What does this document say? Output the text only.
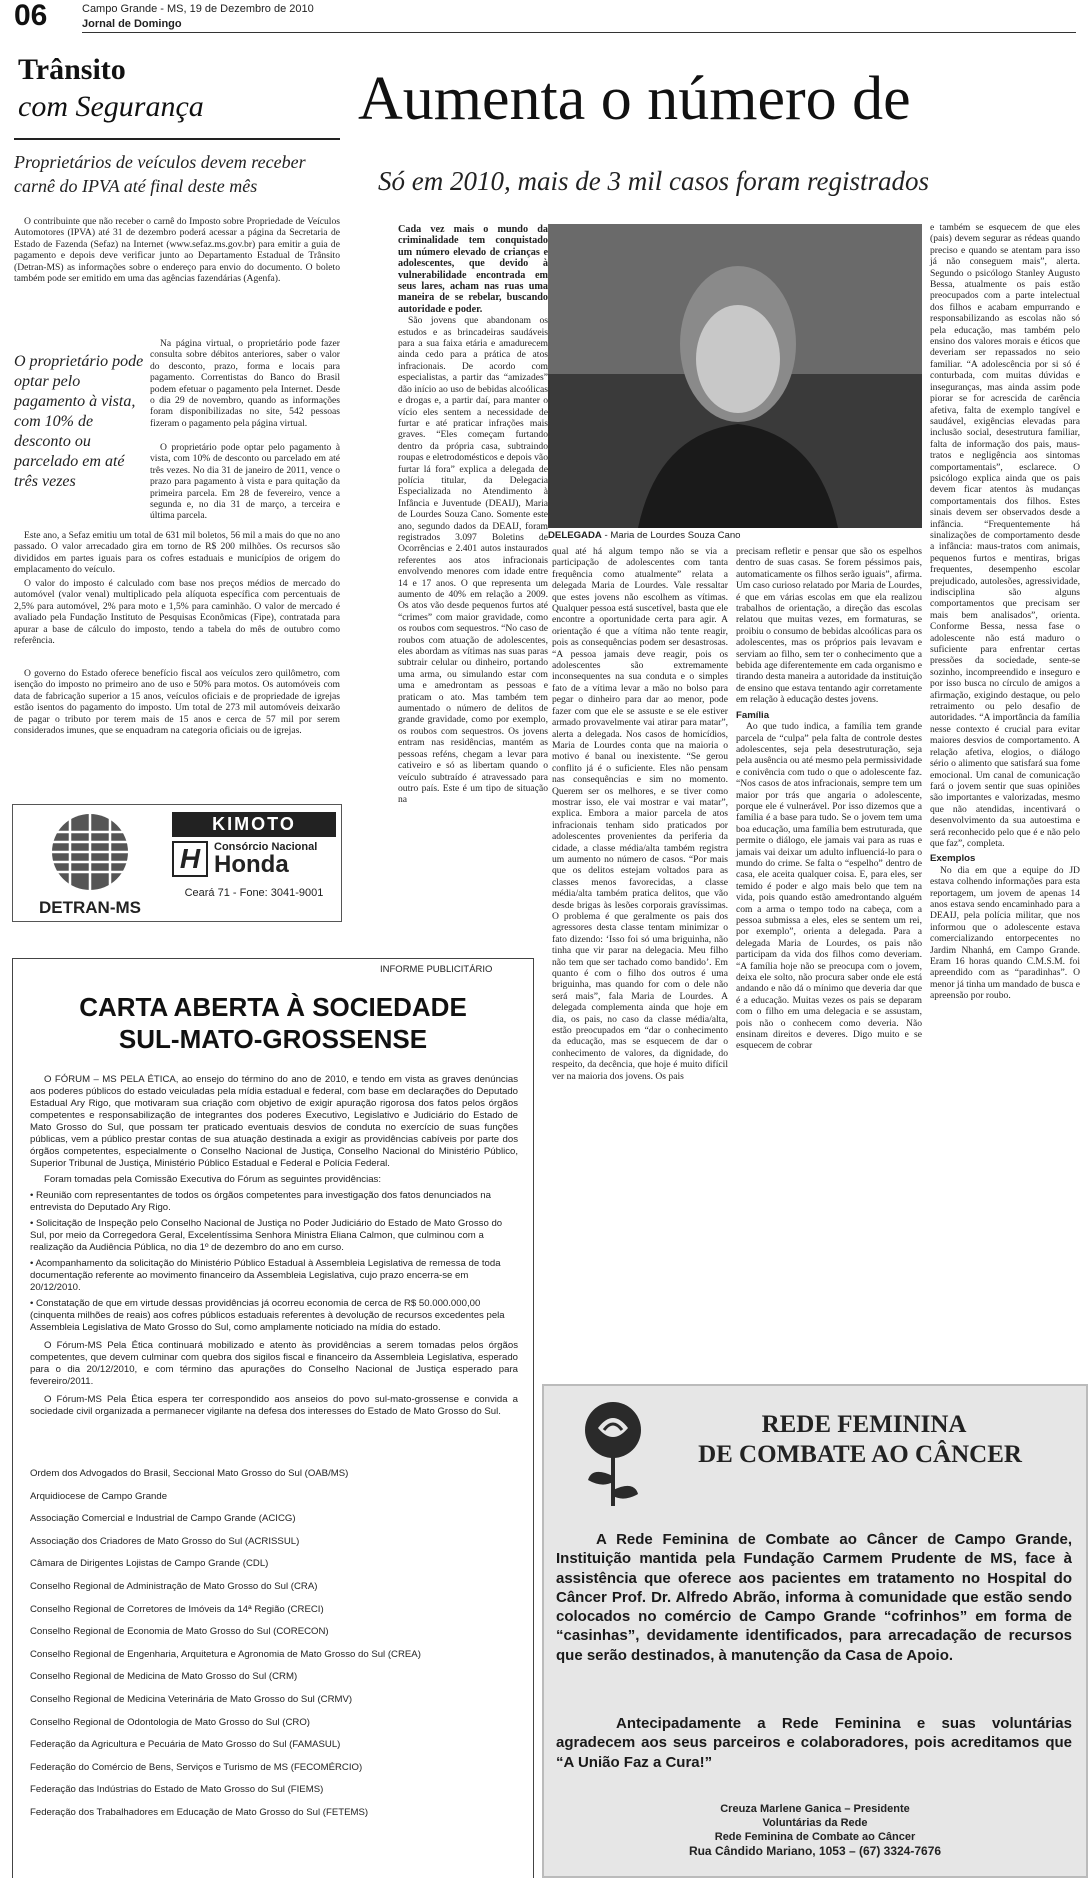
06	Campo Grande - MS, 19 de Dezembro de 2010
Jornal de Domingo
Trânsito
com Segurança
Proprietários de veículos devem receber carnê do IPVA até final deste mês

O contribuinte que não receber o carnê do Imposto sobre Propriedade de Veículos Automotores (IPVA) até 31 de dezembro poderá acessar a página da Secretaria de Estado de Fazenda (Sefaz) na Internet (www.sefaz.ms.gov.br) para emitir a guia de pagamento e depois deve verificar junto ao Departamento Estadual de Trânsito (Detran-MS) as informações sobre o endereço para envio do documento. O boleto também pode ser emitido em uma das agências fazendárias (Agenfa).

O proprietário pode optar pelo pagamento à vista, com 10% de desconto ou parcelado em até três vezes

Na página virtual, o proprietário pode fazer consulta sobre débitos anteriores, saber o valor do desconto, prazo, forma e locais para pagamento. Correntistas do Banco do Brasil podem efetuar o pagamento pela Internet. Desde o dia 29 de novembro, quando as informações foram disponibilizadas no site, 542 pessoas fizeram o pagamento pela página virtual.

O proprietário pode optar pelo pagamento à vista, com 10% de desconto ou parcelado em até três vezes. No dia 31 de janeiro de 2011, vence o prazo para pagamento à vista e para quitação da primeira parcela. Em 28 de fevereiro, vence a segunda e, no dia 31 de março, a terceira e última parcela.

Este ano, a Sefaz emitiu um total de 631 mil boletos, 56 mil a mais do que no ano passado. O valor arrecadado gira em torno de R$ 200 milhões. Os recursos são divididos em partes iguais para os cofres estaduais e municípios de origem do emplacamento do veículo.

O valor do imposto é calculado com base nos preços médios de mercado do automóvel (valor venal) multiplicado pela alíquota específica com percentuais de 2,5% para automóvel, 2% para moto e 1,5% para caminhão. O valor de mercado é avaliado pela Fundação Instituto de Pesquisas Econômicas (Fipe), contratada para apurar a base de cálculo do imposto, tendo a tabela do mês de outubro como referência.

O governo do Estado oferece benefício fiscal aos veículos zero quilômetro, com isenção do imposto no primeiro ano de uso e 50% para motos. Os automóveis com data de fabricação superior a 15 anos, veículos oficiais e de propriedade de igrejas estão isentos do pagamento do imposto. Um total de 273 mil automóveis deixarão de pagar o tributo por terem mais de 15 anos e cerca de 57 mil por serem considerados imunes, que se enquadram na categoria oficiais ou de igrejas.

DETRAN-MS
KIMOTO
H	Consórcio Nacional
Honda
Ceará 71 - Fone: 3041-9001
Aumenta o número de
Só em 2010, mais de 3 mil casos foram registrados

Cada vez mais o mundo da criminalidade tem conquistado um número elevado de crianças e adolescentes, que devido à vulnerabilidade encontrada em seus lares, acham nas ruas uma maneira de se rebelar, buscando autoridade e poder.

São jovens que abandonam os estudos e as brincadeiras saudáveis para a sua faixa etária e amadurecem ainda cedo para a prática de atos infracionais. De acordo com especialistas, a partir das “amizades” dão início ao uso de bebidas alcoólicas e drogas e, a partir daí, para manter o vício eles sentem a necessidade de furtar e até praticar infrações mais graves. “Eles começam furtando dentro da própria casa, subtraindo roupas e eletrodomésticos e depois vão furtar lá fora” explica a delegada de polícia titular, da Delegacia Especializada no Atendimento à Infância e Juventude (DEAIJ), Maria de Lourdes Souza Cano. Somente este ano, segundo dados da DEAIJ, foram registrados 3.097 Boletins de Ocorrências e 2.401 autos instaurados referentes aos atos infracionais envolvendo menores com idade entre 14 e 17 anos. O que representa um aumento de 40% em relação a 2009. Os atos vão desde pequenos furtos até “crimes” com maior gravidade, como os roubos com sequestros. “No caso de roubos com atuação de adolescentes, eles abordam as vítimas nas suas paras subtrair celular ou dinheiro, portando uma arma, ou simulando estar com uma e amedrontam as pessoas e praticam o ato. Mas também tem aumentado o número de delitos de grande gravidade, como por exemplo, os roubos com sequestros. Os jovens entram nas residências, mantém as pessoas reféns, chegam a levar para cativeiro e só as libertam quando o veículo subtraído é atravessado para outro país. Este é um tipo de situação na

DELEGADA - Maria de Lourdes Souza Cano

qual até há algum tempo não se via a participação de adolescentes com tanta frequência como atualmente” relata a delegada Maria de Lourdes. Vale ressaltar que estes jovens não escolhem as vítimas. Qualquer pessoa está suscetível, basta que ele encontre a oportunidade certa para agir. A orientação é que a vítima não tente reagir, pois as consequências podem ser desastrosas. “A pessoa jamais deve reagir, pois os adolescentes são extremamente inconsequentes na sua conduta e o simples fato de a vítima levar a mão no bolso para pegar o dinheiro para dar ao menor, pode fazer com que ele se assuste e se ele estiver armado provavelmente vai atirar para matar”, alerta a delegada. Nos casos de homicídios, Maria de Lourdes conta que na maioria o motivo é banal ou inexistente. “Se gerou conflito já é o suficiente. Eles não pensam nas consequências e sim no momento. Querem ser os melhores, e se tiver como mostrar isso, ele vai mostrar e vai matar”, explica. Embora a maior parcela de atos infracionais tenham sido praticados por adolescentes provenientes da periferia da cidade, a classe média/alta também registra um aumento no número de casos. “Por mais que os delitos estejam voltados para as classes menos favorecidas, a classe média/alta também pratica delitos, que vão desde brigas às lesões corporais gravíssimas. O problema é que geralmente os pais dos agressores desta classe tentam minimizar o fato dizendo: ‘Isso foi só uma briguinha, não tinha que vir parar na delegacia. Meu filho não tem que ser tachado como bandido’. Em quanto é com o filho dos outros é uma briguinha, mas quando for com o dele não será mais”, fala Maria de Lourdes. A delegada complementa ainda que hoje em dia, os pais, no caso da classe média/alta, estão preocupados em “dar o conhecimento da educação, mas se esquecem de dar o conhecimento de valores, da dignidade, do respeito, da decência, que hoje é muito difícil ver na maioria dos jovens. Os pais

precisam refletir e pensar que são os espelhos dentro de suas casas. Se forem péssimos pais, automaticamente os filhos serão iguais”, afirma. Um caso curioso relatado por Maria de Lourdes, é que em várias escolas em que ela realizou trabalhos de orientação, a direção das escolas relatou que muitas vezes, em formaturas, se proibiu o consumo de bebidas alcoólicas para os adolescentes, mas os próprios pais levavam e serviam ao filho, sem ter o conhecimento que a bebida age diferentemente em cada organismo e tirando desta maneira a autoridade da instituição de ensino que estava tentando agir corretamente em relação à educação destes jovens.

Família

Ao que tudo indica, a família tem grande parcela de “culpa” pela falta de controle destes adolescentes, seja pela desestruturação, seja pela ausência ou até mesmo pela permissividade e conivência com tudo o que o adolescente faz. “Nos casos de atos infracionais, sempre tem um maior por trás que angaria o adolescente, porque ele é vulnerável. Por isso dizemos que a família é a base para tudo. Se o jovem tem uma boa educação, uma família bem estruturada, que permite o diálogo, ele jamais vai para as ruas e jamais vai deixar um adulto influenciá-lo para o mundo do crime. Se falta o “espelho” dentro de casa, ele aceita qualquer coisa. E, para eles, ser temido é poder e algo mais belo que tem na vida, pois quando estão amedrontando alguém com a arma o tempo todo na cabeça, com a pessoa submissa a eles, eles se sentem um rei, por exemplo”, orienta a delegada. Para a delegada Maria de Lourdes, os pais não participam da vida dos filhos como deveriam. “A família hoje não se preocupa com o jovem, deixa ele solto, não procura saber onde ele está andando e não dá o mínimo que deveria dar que é a educação. Muitas vezes os pais se deparam com o filho em uma delegacia e se assustam, pois não o conhecem como deveria. Não ensinam direitos e deveres. Digo muito e se esquecem de cobrar

e também se esquecem de que eles (pais) devem segurar as rédeas quando preciso e quando se atentam para isso já não conseguem mais”, alerta. Segundo o psicólogo Stanley Augusto Bessa, atualmente os pais estão preocupados com a parte intelectual dos filhos e acabam empurrando e responsabilizando as escolas não só pela educação, mas também pelo ensino dos valores morais e éticos que deveriam ser repassados no seio familiar. “A adolescência por si só é conturbada, com muitas dúvidas e inseguranças, mas ainda assim pode piorar se for acrescida de carência afetiva, falta de exemplo tangível e saudável, exigências elevadas para inclusão social, desestrutura familiar, falta de informação dos pais, maus-tratos e negligência aos sintomas comportamentais”, esclarece. O psicólogo explica ainda que os pais devem ficar atentos às mudanças comportamentais dos filhos. Estes sinais devem ser observados desde a infância. “Frequentemente há sinalizações de comportamento desde a infância: maus-tratos com animais, pequenos furtos e mentiras, brigas frequentes, desempenho escolar prejudicado, autolesões, agressividade, indisciplina são alguns comportamentos que precisam ser mais bem analisados”, orienta. Conforme Bessa, nessa fase o adolescente não está maduro o suficiente para enfrentar certas pressões da sociedade, sente-se sozinho, incompreendido e inseguro e por isso busca no círculo de amigos a afirmação, exigindo destaque, ou pelo retraimento ou pelo desafio de autoridades. “A importância da família nesse contexto é crucial para evitar maiores desvios de comportamento. A relação afetiva, elogios, o diálogo sério o alimento que satisfará sua fome emocional. Um canal de comunicação fará o jovem sentir que suas opiniões são importantes e valorizadas, mesmo que não atendidas, incentivará o desenvolvimento da sua autoestima e será reconhecido pelo que é e não pelo que faz”, completa.

Exemplos

No dia em que a equipe do JD estava colhendo informações para esta reportagem, um jovem de apenas 14 anos estava sendo encaminhado para a DEAIJ, pela polícia militar, que nos informou que o adolescente estava comercializando entorpecentes no Jardim Nhanhá, em Campo Grande. Eram 16 horas quando C.M.S.M. foi apreendido com as “paradinhas”. O menor já tinha um mandado de busca e apreensão por roubo.

INFORME PUBLICITÁRIO
CARTA ABERTA À SOCIEDADE
SUL-MATO-GROSSENSE

O FÓRUM – MS PELA ÉTICA, ao ensejo do término do ano de 2010, e tendo em vista as graves denúncias aos poderes públicos do estado veiculadas pela mídia estadual e federal, com base em declarações do Deputado Estadual Ary Rigo, que motivaram sua criação com objetivo de exigir apuração rigorosa dos fatos pelos órgãos competentes e responsabilização de integrantes dos poderes Executivo, Legislativo e Judiciário do Estado de Mato Grosso do Sul, que possam ter praticado eventuais desvios de conduta no exercício de suas funções públicas, vem a público prestar contas de sua atuação destinada a exigir as providências cabíveis por parte dos órgãos competentes, especialmente o Conselho Nacional de Justiça, Conselho Nacional do Ministério Público, Superior Tribunal de Justiça, Ministério Público Estadual e Federal e Polícia Federal.

Foram tomadas pela Comissão Executiva do Fórum as seguintes providências:

• Reunião com representantes de todos os órgãos competentes para investigação dos fatos denunciados na entrevista do Deputado Ary Rigo.

• Solicitação de Inspeção pelo Conselho Nacional de Justiça no Poder Judiciário do Estado de Mato Grosso do Sul, por meio da Corregedora Geral, Excelentíssima Senhora Ministra Eliana Calmon, que culminou com a realização da Audiência Pública, no dia 1º de dezembro do ano em curso.

• Acompanhamento da solicitação do Ministério Público Estadual à Assembleia Legislativa de remessa de toda documentação referente ao movimento financeiro da Assembleia Legislativa, cujo prazo encerra-se em 20/12/2010.

• Constatação de que em virtude dessas providências já ocorreu economia de cerca de R$ 50.000.000,00 (cinquenta milhões de reais) aos cofres públicos estaduais referentes à devolução de recursos excedentes pela Assembleia Legislativa de Mato Grosso do Sul, como amplamente noticiado na mídia do estado.

O Fórum-MS Pela Ética continuará mobilizado e atento às providências a serem tomadas pelos órgãos competentes, que devem culminar com quebra dos sigilos fiscal e financeiro da Assembleia Legislativa, esperado para o dia 20/12/2010, e com término das apurações do Conselho Nacional de Justiça esperado para fevereiro/2011.

O Fórum-MS Pela Ética espera ter correspondido aos anseios do povo sul-mato-grossense e convida a sociedade civil organizada a permanecer vigilante na defesa dos interesses do Estado de Mato Grosso do Sul.

Ordem dos Advogados do Brasil, Seccional Mato Grosso do Sul (OAB/MS)
Arquidiocese de Campo Grande
Associação Comercial e Industrial de Campo Grande (ACICG)
Associação dos Criadores de Mato Grosso do Sul (ACRISSUL)
Câmara de Dirigentes Lojistas de Campo Grande (CDL)
Conselho Regional de Administração de Mato Grosso do Sul (CRA)
Conselho Regional de Corretores de Imóveis da 14ª Região (CRECI)
Conselho Regional de Economia de Mato Grosso do Sul (CORECON)
Conselho Regional de Engenharia, Arquitetura e Agronomia de Mato Grosso do Sul (CREA)
Conselho Regional de Medicina de Mato Grosso do Sul (CRM)
Conselho Regional de Medicina Veterinária de Mato Grosso do Sul (CRMV)
Conselho Regional de Odontologia de Mato Grosso do Sul (CRO)
Federação da Agricultura e Pecuária de Mato Grosso do Sul (FAMASUL)
Federação do Comércio de Bens, Serviços e Turismo de MS (FECOMÉRCIO)
Federação das Indústrias do Estado de Mato Grosso do Sul (FIEMS)
Federação dos Trabalhadores em Educação de Mato Grosso do Sul (FETEMS)
REDE FEMININA
DE COMBATE AO CÂNCER

A Rede Feminina de Combate ao Câncer de Campo Grande, Instituição mantida pela Fundação Carmem Prudente de MS, face à assistência que oferece aos pacientes em tratamento no Hospital do Câncer Prof. Dr. Alfredo Abrão, informa à comunidade que estão sendo colocados no comércio de Campo Grande “cofrinhos” em forma de “casinhas”, devidamente identificados, para arrecadação de recursos que serão destinados, à manutenção da Casa de Apoio.

Antecipadamente a Rede Feminina e suas voluntárias agradecem aos seus parceiros e colaboradores, pois acreditamos que “A União Faz a Cura!”

Creuza Marlene Ganica – Presidente
Voluntárias da Rede
Rede Feminina de Combate ao Câncer
Rua Cândido Mariano, 1053 – (67) 3324-7676
